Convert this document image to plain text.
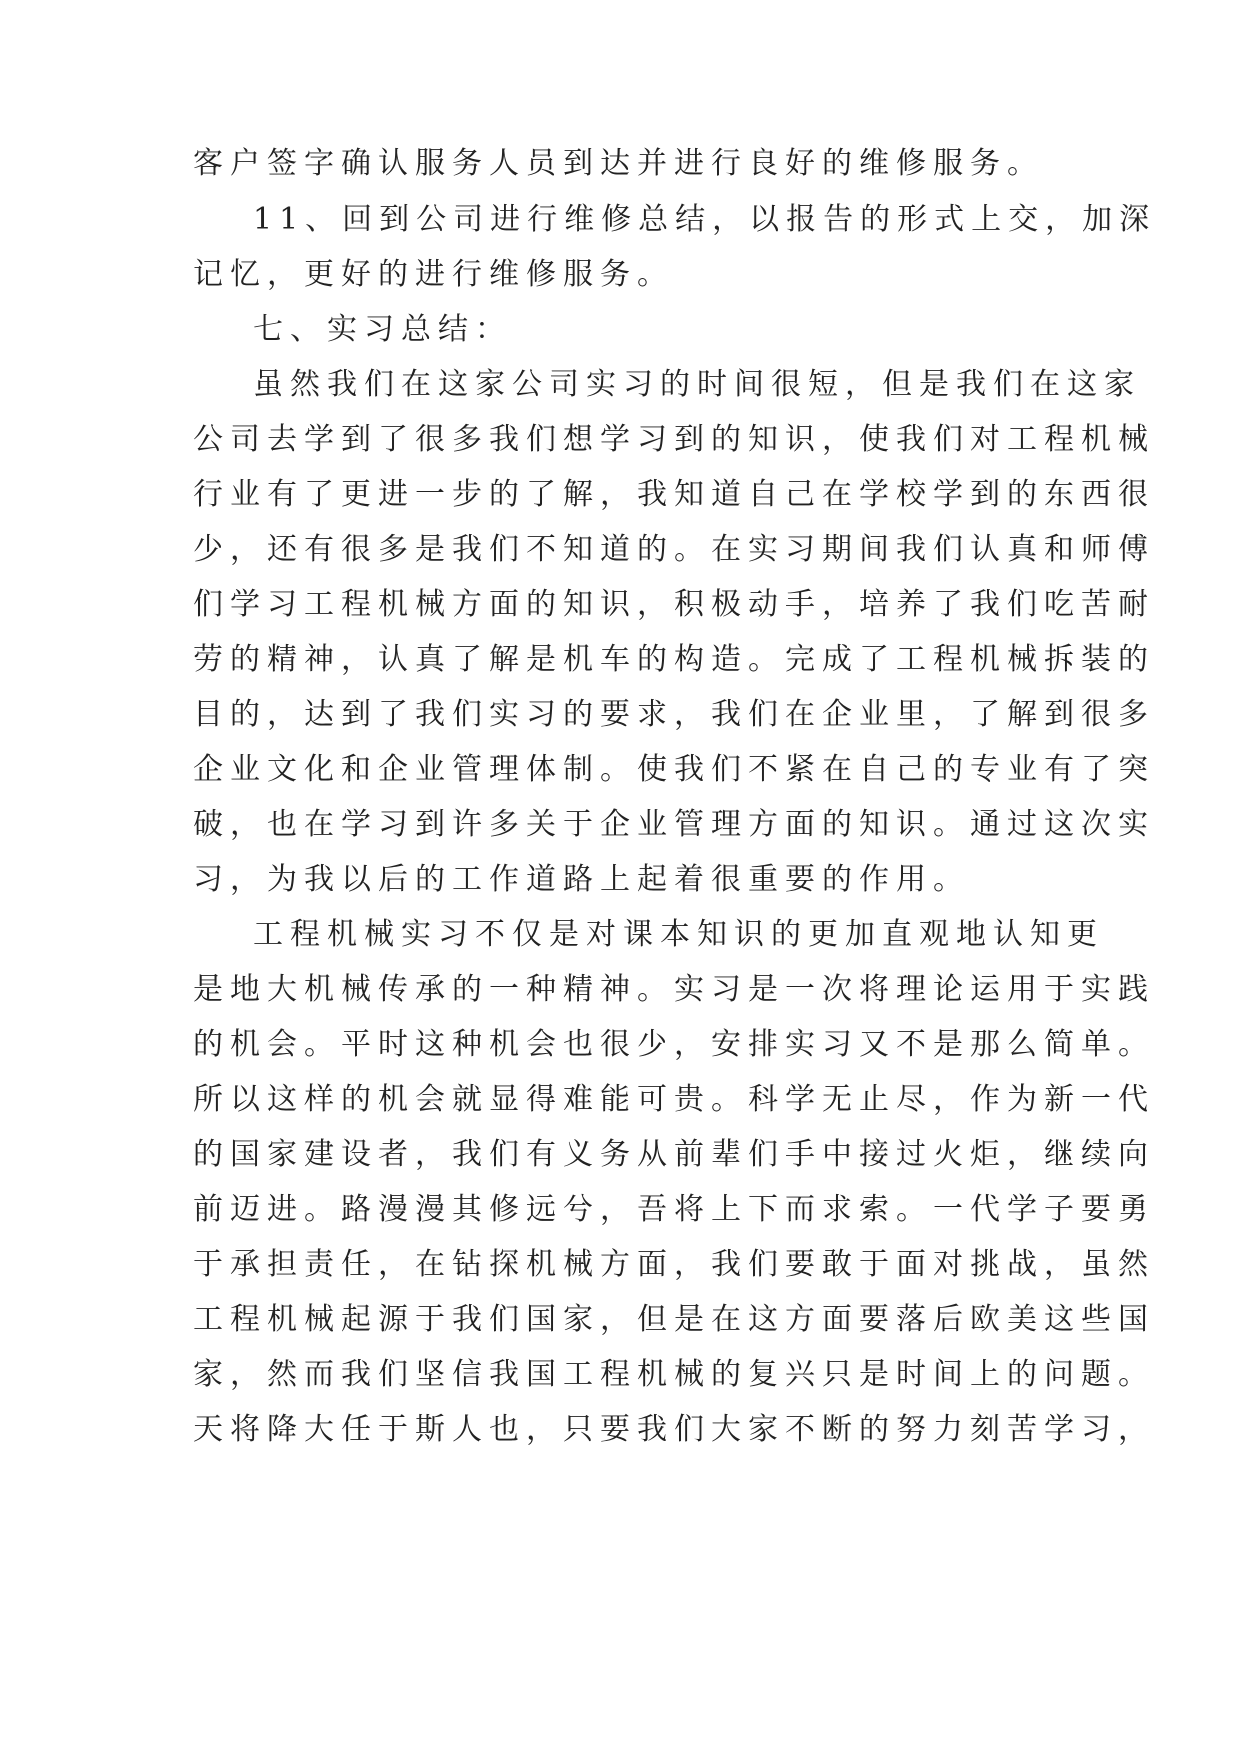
客户签字确认服务人员到达并进行良好的维修服务。
11、回到公司进行维修总结，以报告的形式上交，加深
记忆，更好的进行维修服务。
七、实习总结：
虽然我们在这家公司实习的时间很短，但是我们在这家
公司去学到了很多我们想学习到的知识，使我们对工程机械
行业有了更进一步的了解，我知道自己在学校学到的东西很
少，还有很多是我们不知道的。在实习期间我们认真和师傅
们学习工程机械方面的知识，积极动手，培养了我们吃苦耐
劳的精神，认真了解是机车的构造。完成了工程机械拆装的
目的，达到了我们实习的要求，我们在企业里，了解到很多
企业文化和企业管理体制。使我们不紧在自己的专业有了突
破，也在学习到许多关于企业管理方面的知识。通过这次实
习，为我以后的工作道路上起着很重要的作用。
工程机械实习不仅是对课本知识的更加直观地认知更
是地大机械传承的一种精神。实习是一次将理论运用于实践
的机会。平时这种机会也很少，安排实习又不是那么简单。
所以这样的机会就显得难能可贵。科学无止尽，作为新一代
的国家建设者，我们有义务从前辈们手中接过火炬，继续向
前迈进。路漫漫其修远兮，吾将上下而求索。一代学子要勇
于承担责任，在钻探机械方面，我们要敢于面对挑战，虽然
工程机械起源于我们国家，但是在这方面要落后欧美这些国
家，然而我们坚信我国工程机械的复兴只是时间上的问题。
天将降大任于斯人也，只要我们大家不断的努力刻苦学习，
